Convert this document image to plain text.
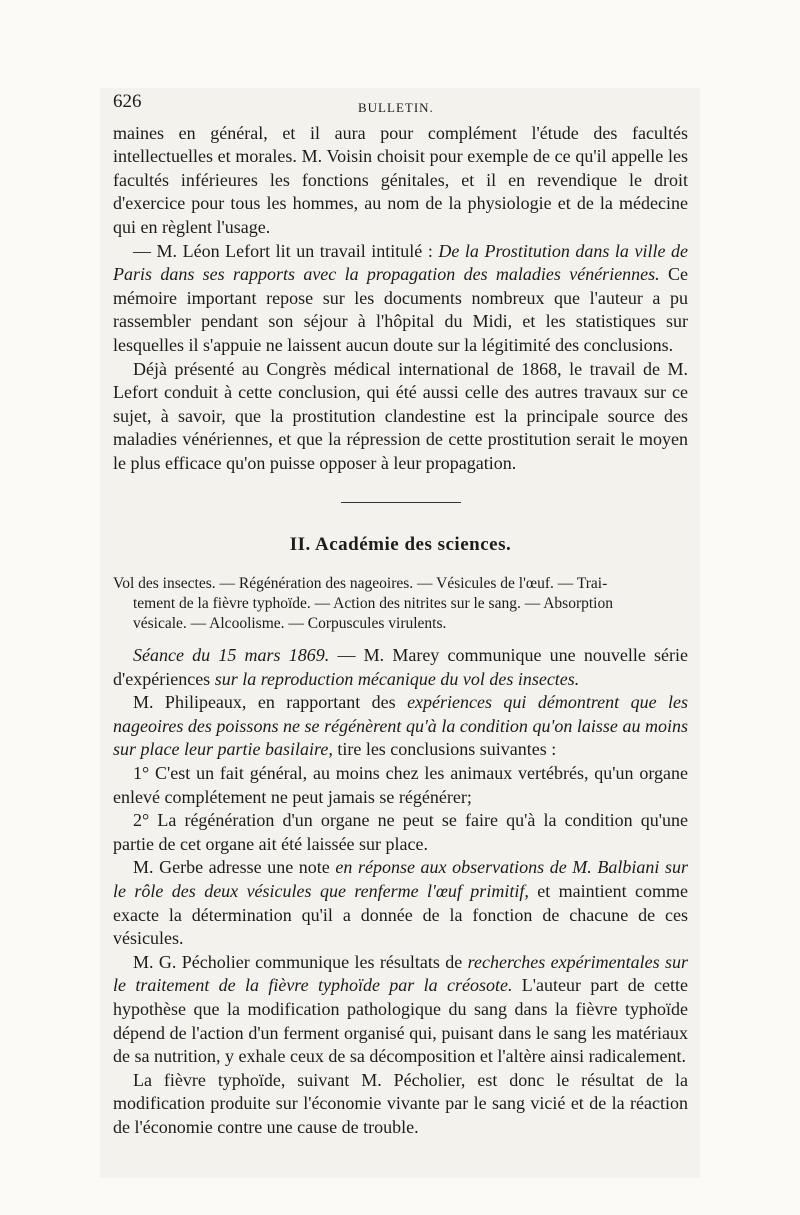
626	BULLETIN.

maines en général, et il aura pour complément l'étude des facultés intellectuelles et morales. M. Voisin choisit pour exemple de ce qu'il appelle les facultés inférieures les fonctions génitales, et il en revendique le droit d'exercice pour tous les hommes, au nom de la physiologie et de la médecine qui en règlent l'usage.

— M. Léon Lefort lit un travail intitulé : De la Prostitution dans la ville de Paris dans ses rapports avec la propagation des maladies vénériennes. Ce mémoire important repose sur les documents nombreux que l'auteur a pu rassembler pendant son séjour à l'hôpital du Midi, et les statistiques sur lesquelles il s'appuie ne laissent aucun doute sur la légitimité des conclusions.

Déjà présenté au Congrès médical international de 1868, le travail de M. Lefort conduit à cette conclusion, qui été aussi celle des autres travaux sur ce sujet, à savoir, que la prostitution clandestine est la principale source des maladies vénériennes, et que la répression de cette prostitution serait le moyen le plus efficace qu'on puisse opposer à leur propagation.

II. Académie des sciences.
Vol des insectes. — Régénération des nageoires. — Vésicules de l'œuf. — Trai-

tement de la fièvre typhoïde. — Action des nitrites sur le sang. — Absorption
vésicale. — Alcoolisme. — Corpuscules virulents.

Séance du 15 mars 1869. — M. Marey communique une nouvelle série d'expériences sur la reproduction mécanique du vol des insectes.

M. Philipeaux, en rapportant des expériences qui démontrent que les nageoires des poissons ne se régénèrent qu'à la condition qu'on laisse au moins sur place leur partie basilaire, tire les conclusions suivantes :

1° C'est un fait général, au moins chez les animaux vertébrés, qu'un organe enlevé complétement ne peut jamais se régénérer;

2° La régénération d'un organe ne peut se faire qu'à la condition qu'une partie de cet organe ait été laissée sur place.

M. Gerbe adresse une note en réponse aux observations de M. Balbiani sur le rôle des deux vésicules que renferme l'œuf primitif, et maintient comme exacte la détermination qu'il a donnée de la fonction de chacune de ces vésicules.

M. G. Pécholier communique les résultats de recherches expérimentales sur le traitement de la fièvre typhoïde par la créosote. L'auteur part de cette hypothèse que la modification pathologique du sang dans la fièvre typhoïde dépend de l'action d'un ferment organisé qui, puisant dans le sang les matériaux de sa nutrition, y exhale ceux de sa décomposition et l'altère ainsi radicalement.

La fièvre typhoïde, suivant M. Pécholier, est donc le résultat de la modification produite sur l'économie vivante par le sang vicié et de la réaction de l'économie contre une cause de trouble.
